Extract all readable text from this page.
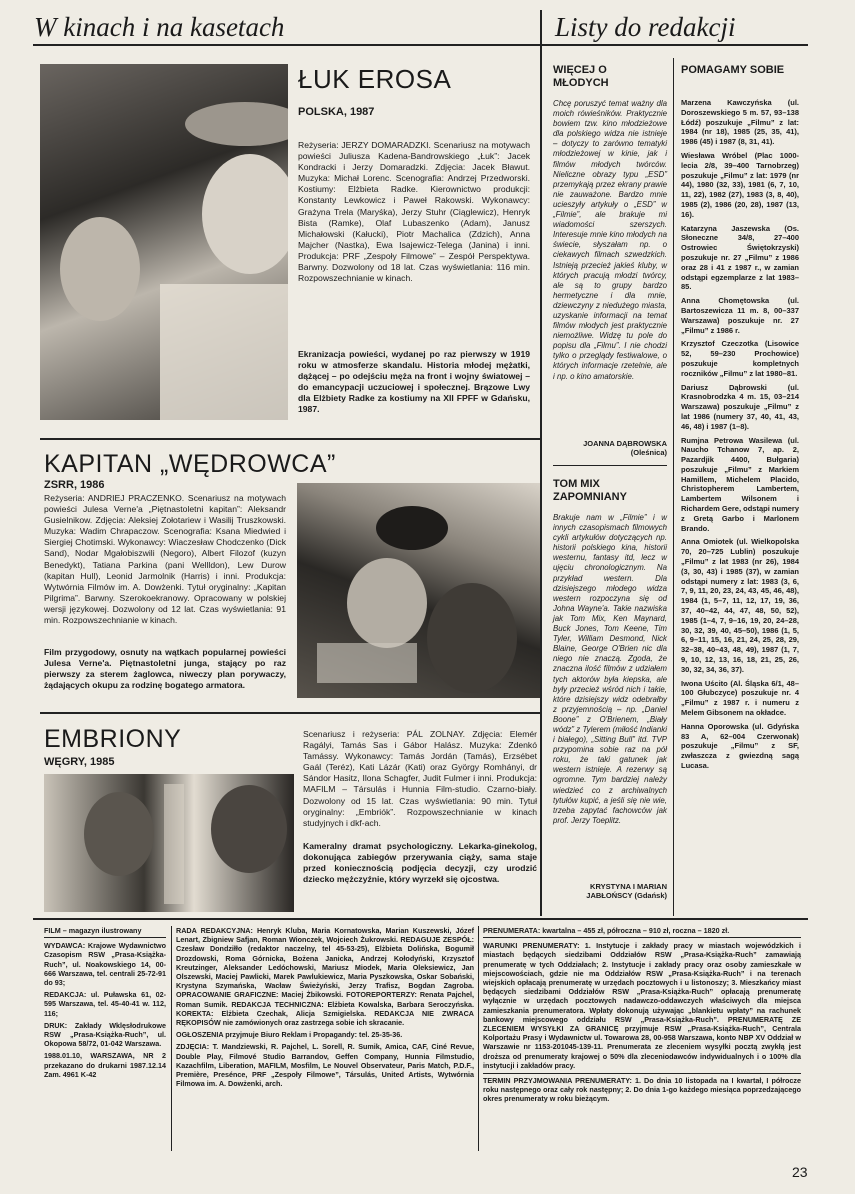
W kinach i na kasetach	Listy do redakcji
ŁUK EROSA
POLSKA, 1987

Reżyseria: JERZY DOMARADZKI. Scenariusz na motywach powieści Juliusza Kadena-Bandrowskiego „Łuk”: Jacek Kondracki i Jerzy Domaradzki. Zdjęcia: Jacek Bławut. Muzyka: Michał Lorenc. Scenografia: Andrzej Przedworski. Kostiumy: Elżbieta Radke. Kierownictwo produkcji: Konstanty Lewkowicz i Paweł Rakowski. Wykonawcy: Grażyna Trela (Maryśka), Jerzy Stuhr (Ciąglewicz), Henryk Bista (Ramke), Olaf Lubaszenko (Adam), Janusz Michałowski (Kałucki), Piotr Machalica (Zdzich), Anna Majcher (Nastka), Ewa Isajewicz-Telega (Janina) i inni. Produkcja: PRF „Zespoły Filmowe” – Zespół Perspektywa. Barwny. Dozwolony od 18 lat. Czas wyświetlania: 116 min. Rozpowszechnianie w kinach.

Ekranizacja powieści, wydanej po raz pierwszy w 1919 roku w atmosferze skandalu. Historia młodej mężatki, dążącej – po odejściu męża na front i wojny światowej – do emancypacji uczuciowej i społecznej. Brązowe Lwy dla Elżbiety Radke za kostiumy na XII FPFF w Gdańsku, 1987.

KAPITAN „WĘDROWCA”
ZSRR, 1986

Reżyseria: ANDRIEJ PRACZENKO. Scenariusz na motywach powieści Julesa Verne'a „Piętnastoletni kapitan”: Aleksandr Gusielnikow. Zdjęcia: Aleksiej Zołotariew i Wasilij Truszkowski. Muzyka: Wadim Chrapaczow. Scenografia: Ksana Miedwied i Siergiej Chotimski. Wykonawcy: Wiaczesław Chodczenko (Dick Sand), Nodar Mgałobiszwili (Negoro), Albert Filozof (kuzyn Benedykt), Tatiana Parkina (pani Wellldon), Lew Durow (kapitan Hull), Leonid Jarmolnik (Harris) i inni. Produkcja: Wytwórnia Filmów im. A. Dowżenki. Tytuł oryginalny: „Kapitan Pilgrima”. Barwny. Szerokoekranowy. Opracowany w polskiej wersji językowej. Dozwolony od 12 lat. Czas wyświetlania: 91 min. Rozpowszechnianie w kinach.

Film przygodowy, osnuty na wątkach popularnej powieści Julesa Verne'a. Piętnastoletni junga, stający po raz pierwszy za sterem żaglowca, niweczy plan porywaczy, żądających okupu za rodzinę bogatego armatora.

EMBRIONY
WĘGRY, 1985

Scenariusz i reżyseria: PÁL ZOLNAY. Zdjęcia: Elemér Ragályi, Tamás Sas i Gábor Halász. Muzyka: Zdenkó Tamássy. Wykonawcy: Tamás Jordán (Tamás), Erzsébet Gaál (Teréz), Kati Lázár (Kati) oraz György Romhányi, dr Sándor Hasitz, Ilona Schagfer, Judit Fulmer i inni. Produkcja: MAFILM – Társulás i Hunnia Film-studio. Czarno-biały. Dozwolony od 15 lat. Czas wyświetlania: 90 min. Tytuł oryginalny: „Embriók”. Rozpowszechnianie w kinach studyjnych i dkf-ach.

Kameralny dramat psychologiczny. Lekarka-ginekolog, dokonująca zabiegów przerywania ciąży, sama staje przed koniecznością podjęcia decyzji, czy urodzić dziecko mężczyźnie, który wyrzekł się ojcostwa.

WIĘCEJ O MŁODYCH

Chcę poruszyć temat ważny dla moich rówieśników. Praktycznie bowiem tzw. kino młodzieżowe dla polskiego widza nie istnieje – dotyczy to zarówno tematyki młodzieżowej w kinie, jak i filmów młodych twórców. Nieliczne obrazy typu „ESD” przemykają przez ekrany prawie nie zauważone. Bardzo mnie ucieszyły artykuły o „ESD” w „Filmie”, ale brakuje mi wiadomości szerszych. Interesuje mnie kino młodych na świecie, słyszałam np. o ciekawych filmach szwedzkich. Istnieją przecież jakieś kluby, w których pracują młodzi twórcy, ale są to grupy bardzo hermetyczne i dla mnie, dziewczyny z niedużego miasta, uzyskanie informacji na temat filmów młodych jest praktycznie niemożliwe. Widzę tu pole do popisu dla „Filmu”. I nie chodzi tylko o przeglądy festiwalowe, o których informacje rzetelnie, ale i np. o kino amatorskie.

JOANNA DĄBROWSKA (Oleśnica)
TOM MIX ZAPOMNIANY

Brakuje nam w „Filmie” i w innych czasopismach filmowych cykli artykułów dotyczących np. historii polskiego kina, historii westernu, fantasy itd, lecz w ujęciu chronologicznym. Na przykład western. Dla dzisiejszego młodego widza western rozpoczyna się od Johna Wayne'a. Takie nazwiska jak Tom Mix, Ken Maynard, Buck Jones, Tom Keene, Tim Tyler, William Desmond, Nick Blaine, George O'Brien nic dla niego nie znaczą. Zgoda, że znaczna ilość filmów z udziałem tych aktorów była kiepska, ale były przecież wśród nich i takie, które dzisiejszy widz odebrałby z przyjemnością – np. „Daniel Boone” z O'Brienem, „Biały wódz” z Tylerem (miłość Indianki i białego), „Sitting Bull” itd. TVP przypomina sobie raz na pół roku, że taki gatunek jak western istnieje. A rezerwy są ogromne. Tym bardziej należy wiedzieć co z archiwalnych tytułów kupić, a jeśli się nie wie, trzeba zapytać fachowców jak prof. Jerzy Toeplitz.

KRYSTYNA I MARIAN JABŁOŃSCY (Gdańsk)
POMAGAMY SOBIE

Marzena Kawczyńska (ul. Doroszewskiego 5 m. 57, 93–138 Łódź) poszukuje „Filmu” z lat: 1984 (nr 18), 1985 (25, 35, 41), 1986 (45) i 1987 (8, 31, 41).

Wiesława Wróbel (Plac 1000-lecia 2/8, 39–400 Tarnobrzeg) poszukuje „Filmu” z lat: 1979 (nr 44), 1980 (32, 33), 1981 (6, 7, 10, 11, 22), 1982 (27), 1983 (3, 8, 40), 1985 (2), 1986 (20, 28), 1987 (13, 16).

Katarzyna Jaszewska (Os. Słoneczne 34/8, 27–400 Ostrowiec Świętokrzyski) poszukuje nr. 27 „Filmu” z 1986 oraz 28 i 41 z 1987 r., w zamian odstąpi egzemplarze z lat 1983–85.

Anna Chomętowska (ul. Bartoszewicza 11 m. 8, 00–337 Warszawa) poszukuje nr. 27 „Filmu” z 1986 r.

Krzysztof Czeczotka (Lisowice 52, 59–230 Prochowice) poszukuje kompletnych roczników „Filmu” z lat 1980–81.

Dariusz Dąbrowski (ul. Krasnobrodzka 4 m. 15, 03–214 Warszawa) poszukuje „Filmu” z lat 1986 (numery 37, 40, 41, 43, 46, 48) i 1987 (1–8).

Rumjna Petrowa Wasilewa (ul. Naucho Tchanow 7, ap. 2, Pazardjik 4400, Bułgaria) poszukuje „Filmu” z Markiem Hamillem, Michelem Placido, Christopherem Lambertem, Lambertem Wilsonem i Richardem Gere, odstąpi numery z Gretą Garbo i Marlonem Brando.

Anna Omiotek (ul. Wielkopolska 70, 20–725 Lublin) poszukuje „Filmu” z lat 1983 (nr 26), 1984 (3, 30, 43) i 1985 (37), w zamian odstąpi numery z lat: 1983 (3, 6, 7, 9, 11, 20, 23, 24, 43, 45, 46, 48), 1984 (1, 5–7, 11, 12, 17, 19, 36, 37, 40–42, 44, 47, 48, 50, 52), 1985 (1–4, 7, 9–16, 19, 20, 24–28, 30, 32, 39, 40, 45–50), 1986 (1, 5, 6, 9–11, 15, 16, 21, 24, 25, 28, 29, 32–38, 40–43, 48, 49), 1987 (1, 7, 9, 10, 12, 13, 16, 18, 21, 25, 26, 30, 32, 34, 36, 37).

Iwona Uścito (Al. Śląska 6/1, 48–100 Głubczyce) poszukuje nr. 4 „Filmu” z 1987 r. i numeru z Melem Gibsonem na okładce.

Hanna Oporowska (ul. Gdyńska 83 A, 62–004 Czerwonak) poszukuje „Filmu” z SF, zwłaszcza z gwiezdną sagą Lucasa.

FILM – magazyn ilustrowany

WYDAWCA: Krajowe Wydawnictwo Czasopism RSW „Prasa-Książka-Ruch”, ul. Noakowskiego 14, 00-666 Warszawa, tel. centrali 25-72-91 do 93;

REDAKCJA: ul. Puławska 61, 02-595 Warszawa, tel. 45-40-41 w. 112, 116;

DRUK: Zakłady Wklęsłodrukowe RSW „Prasa-Książka-Ruch”, ul. Okopowa 58/72, 01-042 Warszawa.

1988.01.10, WARSZAWA, NR 2 przekazano do drukarni 1987.12.14 Zam. 4961 K-42

RADA REDAKCYJNA: Henryk Kluba, Maria Kornatowska, Marian Kuszewski, Józef Lenart, Zbigniew Safjan, Roman Wionczek, Wojciech Żukrowski. REDAGUJE ZESPÓŁ: Czesław Dondziłło (redaktor naczelny, tel 45-53-25), Elżbieta Dolińska, Bogumił Drozdowski, Roma Górnicka, Bożena Janicka, Andrzej Kołodyński, Krzysztof Kreutzinger, Aleksander Ledóchowski, Mariusz Miodek, Maria Oleksiewicz, Jan Olszewski, Maciej Pawlicki, Marek Pawlukiewicz, Maria Pyszkowska, Oskar Sobański, Krystyna Szymańska, Wacław Świeżyński, Jerzy Trafisz, Bogdan Zagroba. OPRACOWANIE GRAFICZNE: Maciej Żbikowski. FOTOREPORTERZY: Renata Pajchel, Roman Sumik. REDAKCJA TECHNICZNA: Elżbieta Kowalska, Barbara Seroczyńska. KOREKTA: Elżbieta Czechak, Alicja Szmigielska. REDAKCJA NIE ZWRACA RĘKOPISÓW nie zamówionych oraz zastrzega sobie ich skracanie.

OGŁOSZENIA przyjmuje Biuro Reklam i Propagandy: tel. 25-35-36.

ZDJĘCIA: T. Mandziewski, R. Pajchel, L. Sorell, R. Sumik, Amica, CAF, Ciné Revue, Double Play, Filmové Studio Barrandov, Geffen Company, Hunnia Filmstudio, Kazachfilm, Liberation, MAFILM, Mosfilm, Le Nouvel Observateur, Paris Match, P.D.F., Première, Presénce, PRF „Zespoły Filmowe”, Társulás, United Artists, Wytwórnia Filmowa im. A. Dowżenki, arch.

PRENUMERATA: kwartalna – 455 zł, półroczna – 910 zł, roczna – 1820 zł.

WARUNKI PRENUMERATY: 1. Instytucje i zakłady pracy w miastach wojewódzkich i miastach będących siedzibami Oddziałów RSW „Prasa-Książka-Ruch” zamawiają prenumeratę w tych Oddziałach; 2. Instytucje i zakłady pracy oraz osoby zamieszkałe w miejscowościach, gdzie nie ma Oddziałów RSW „Prasa-Książka-Ruch” i na terenach wiejskich opłacają prenumeratę w urzędach pocztowych i u listonoszy; 3. Mieszkańcy miast będących siedzibami Oddziałów RSW „Prasa-Książka-Ruch” opłacają prenumeratę wyłącznie w urzędach pocztowych nadawczo-oddawczych właściwych dla miejsca zamieszkania prenumeratora. Wpłaty dokonują używając „blankietu wpłaty” na rachunek bankowy miejscowego oddziału RSW „Prasa-Książka-Ruch”. PRENUMERATĘ ZE ZLECENIEM WYSYŁKI ZA GRANICĘ przyjmuje RSW „Prasa-Książka-Ruch”, Centrala Kolportażu Prasy i Wydawnictw ul. Towarowa 28, 00-958 Warszawa, konto NBP XV Oddział w Warszawie nr 1153-201045-139-11. Prenumerata ze zleceniem wysyłki pocztą zwykłą jest droższa od prenumeraty krajowej o 50% dla zleceniodawców indywidualnych i o 100% dla instytucji i zakładów pracy.

TERMIN PRZYJMOWANIA PRENUMERATY: 1. Do dnia 10 listopada na I kwartał, I półrocze roku następnego oraz cały rok następny; 2. Do dnia 1-go każdego miesiąca poprzedzającego okres prenumeraty w roku bieżącym.

23
